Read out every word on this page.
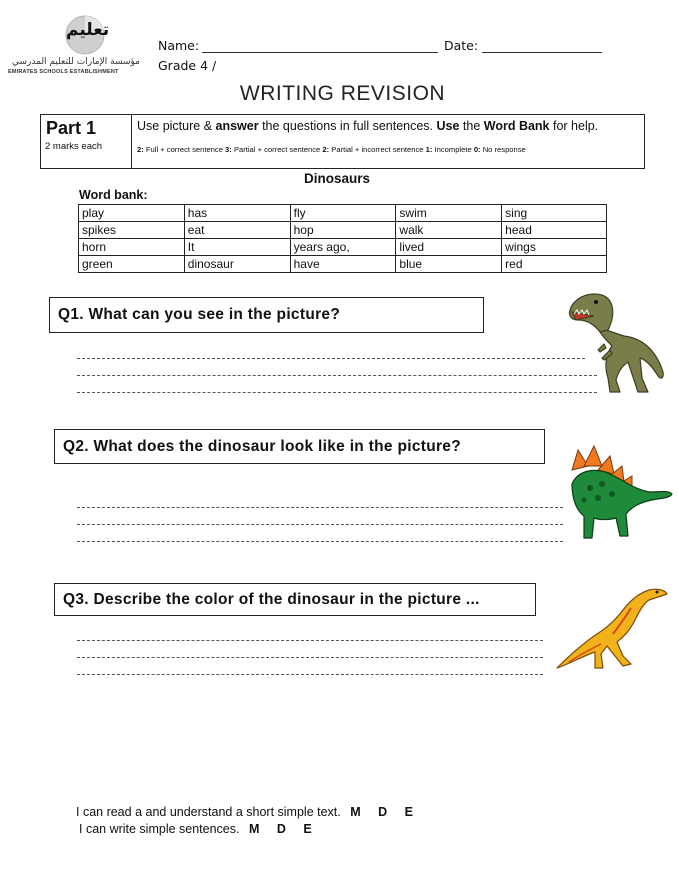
تعليم
مؤسسة الإمارات للتعليم المدرسي
EMIRATES SCHOOLS ESTABLISHMENT
Name:	Date:
Grade 4 /
WRITING REVISION
Part 1
2 marks each
Use picture & answer the questions in full sentences. Use the Word Bank for help.
2: Full + correct sentence 3: Partial + correct sentence 2: Partial + incorrect sentence 1: Incomplete 0: No response
Dinosaurs
Word bank:
play	has	fly	swim	sing
spikes	eat	hop	walk	head
horn	It	years ago,	lived	wings
green	dinosaur	have	blue	red
Q1. What can you see in the picture?
Q2. What does the dinosaur look like in the picture?
Q3. Describe the color of the dinosaur in the picture ...
I can read a and understand a short simple text. M D E
I can write simple sentences. M D E
